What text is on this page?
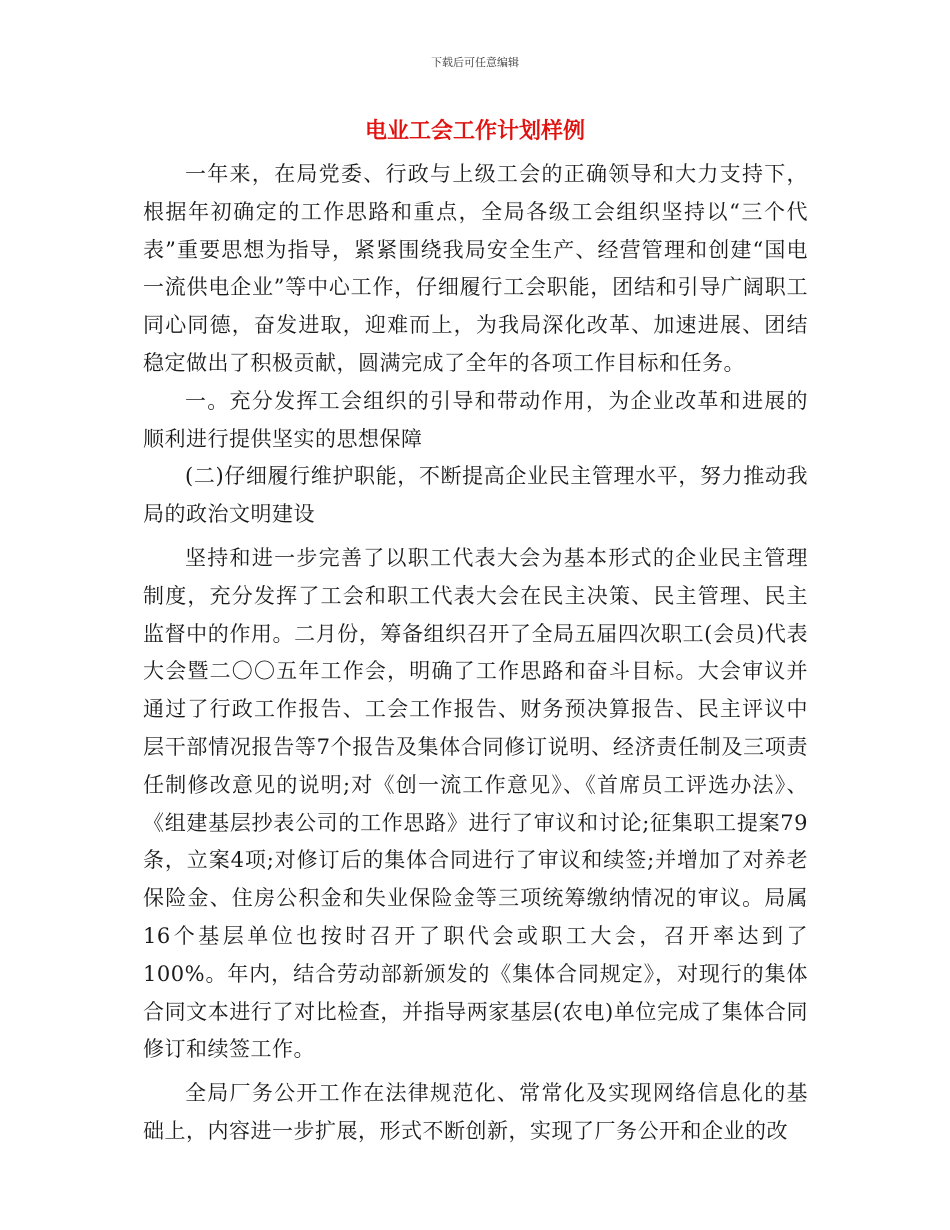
下载后可任意编辑
电业工会工作计划样例

一年来，在局党委、行政与上级工会的正确领导和大力支持下，根据年初确定的工作思路和重点，全局各级工会组织坚持以“三个代表”重要思想为指导，紧紧围绕我局安全生产、经营管理和创建“国电一流供电企业”等中心工作，仔细履行工会职能，团结和引导广阔职工同心同德，奋发进取，迎难而上，为我局深化改革、加速进展、团结稳定做出了积极贡献，圆满完成了全年的各项工作目标和任务。

一。充分发挥工会组织的引导和带动作用，为企业改革和进展的顺利进行提供坚实的思想保障

(二)仔细履行维护职能，不断提高企业民主管理水平，努力推动我局的政治文明建设

坚持和进一步完善了以职工代表大会为基本形式的企业民主管理制度，充分发挥了工会和职工代表大会在民主决策、民主管理、民主监督中的作用。二月份，筹备组织召开了全局五届四次职工(会员)代表大会暨二〇〇五年工作会，明确了工作思路和奋斗目标。大会审议并通过了行政工作报告、工会工作报告、财务预决算报告、民主评议中层干部情况报告等7个报告及集体合同修订说明、经济责任制及三项责任制修改意见的说明;对《创一流工作意见》、《首席员工评选办法》、《组建基层抄表公司的工作思路》进行了审议和讨论;征集职工提案79条，立案4项;对修订后的集体合同进行了审议和续签;并增加了对养老保险金、住房公积金和失业保险金等三项统筹缴纳情况的审议。局属16个基层单位也按时召开了职代会或职工大会，召开率达到了100%。年内，结合劳动部新颁发的《集体合同规定》，对现行的集体合同文本进行了对比检查，并指导两家基层(农电)单位完成了集体合同修订和续签工作。

全局厂务公开工作在法律规范化、常常化及实现网络信息化的基础上，内容进一步扩展，形式不断创新，实现了厂务公开和企业的改
